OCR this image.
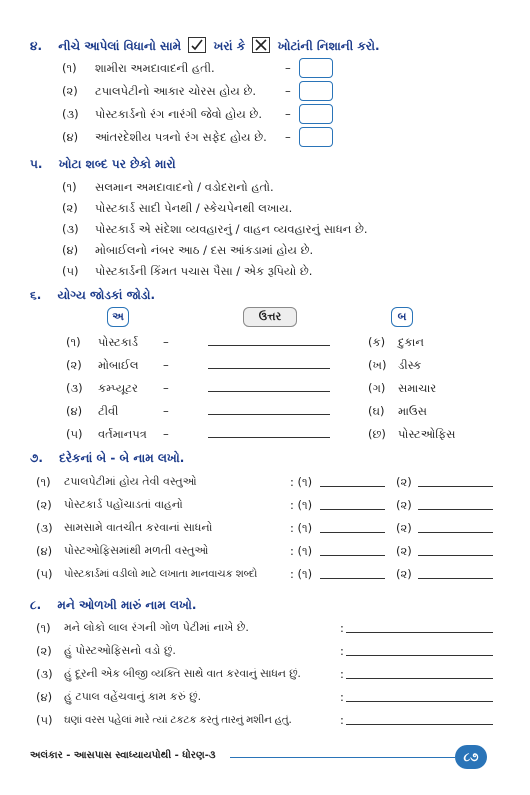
૪. નીચે આપેલાં વિધાનો સામે	ખરાં કે ☒ ખોટાંની નિશાની કરો.
(૧) શામીરા અમદાવાદની હતી.	–
(૨) ટપાલપેટીનો આકાર ચોરસ હોય છે.	–
(૩) પોસ્ટકાર્ડનો રંગ નારંગી જેવો હોય છે. –
(૪) આંતરદેશીય પત્રનો રંગ સફેદ હોય છે. –
૫. ખોટા શબ્દ પર છેકો મારો
(૧) સલમાન અમદાવાદનો / વડોદરાનો હતો.
(૨) પોસ્ટકાર્ડ સાદી પેનથી / સ્કેચપેનથી લખાય.
(૩) પોસ્ટકાર્ડ એ સંદેશા વ્યવહારનું / વાહન વ્યવહારનું સાધન છે.
(૪) મોબાઈલનો નંબર આઠ / દસ આંકડામાં હોય છે.
(૫) પોસ્ટકાર્ડની કિંમત પચાસ પૈસા / એક રૂપિયો છે.
૬. યોગ્ય જોડકાં જોડો.
અ	ઉત્તર	બ
(૧) પોસ્ટકાર્ડ –	(ક) દુકાન
(૨) મોબાઈલ –	(ખ) ડીસ્ક
(૩) કમ્પ્યૂટર –	(ગ) સમાચાર
(૪) ટીવી	–	(ઘ) માઉસ
(૫) વર્તમાનપત્ર –	(છ) પોસ્ટઓફિસ
૭. દરેકનાં બે - બે નામ લખો.
(૧) ટપાલપેટીમાં હોય તેવી વસ્તુઓ	: (૧)	(૨)
(૨) પોસ્ટકાર્ડ પહોંચાડતાં વાહનો	: (૧)	(૨)
(૩) સામસામે વાતચીત કરવાનાં સાધનો	: (૧)	(૨)
(૪) પોસ્ટઓફિસમાંથી મળતી વસ્તુઓ	: (૧)	(૨)
(૫) પોસ્ટકાર્ડમાં વડીલો માટે લખાતા માનવાચક શબ્દો	: (૧)	(૨)
૮. મને ઓળખી મારું નામ લખો.
(૧) મને લોકો લાલ રંગની ગોળ પેટીમાં નાખે છે.	:
(૨) હું પોસ્ટઓફિસનો વડો છું.	:
(૩) હું દૂરની એક બીજી વ્યક્તિ સાથે વાત કરવાનું સાધન છું.	:
(૪) હું ટપાલ વહેંચવાનું કામ કરું છું.	:
(૫) ઘણાં વરસ પહેલાં મારે ત્યાં ટકટક કરતું તારનું મશીન હતું.	:
અલંકાર - આસપાસ સ્વાધ્યાયપોથી - ધોરણ-૩	૮૭
